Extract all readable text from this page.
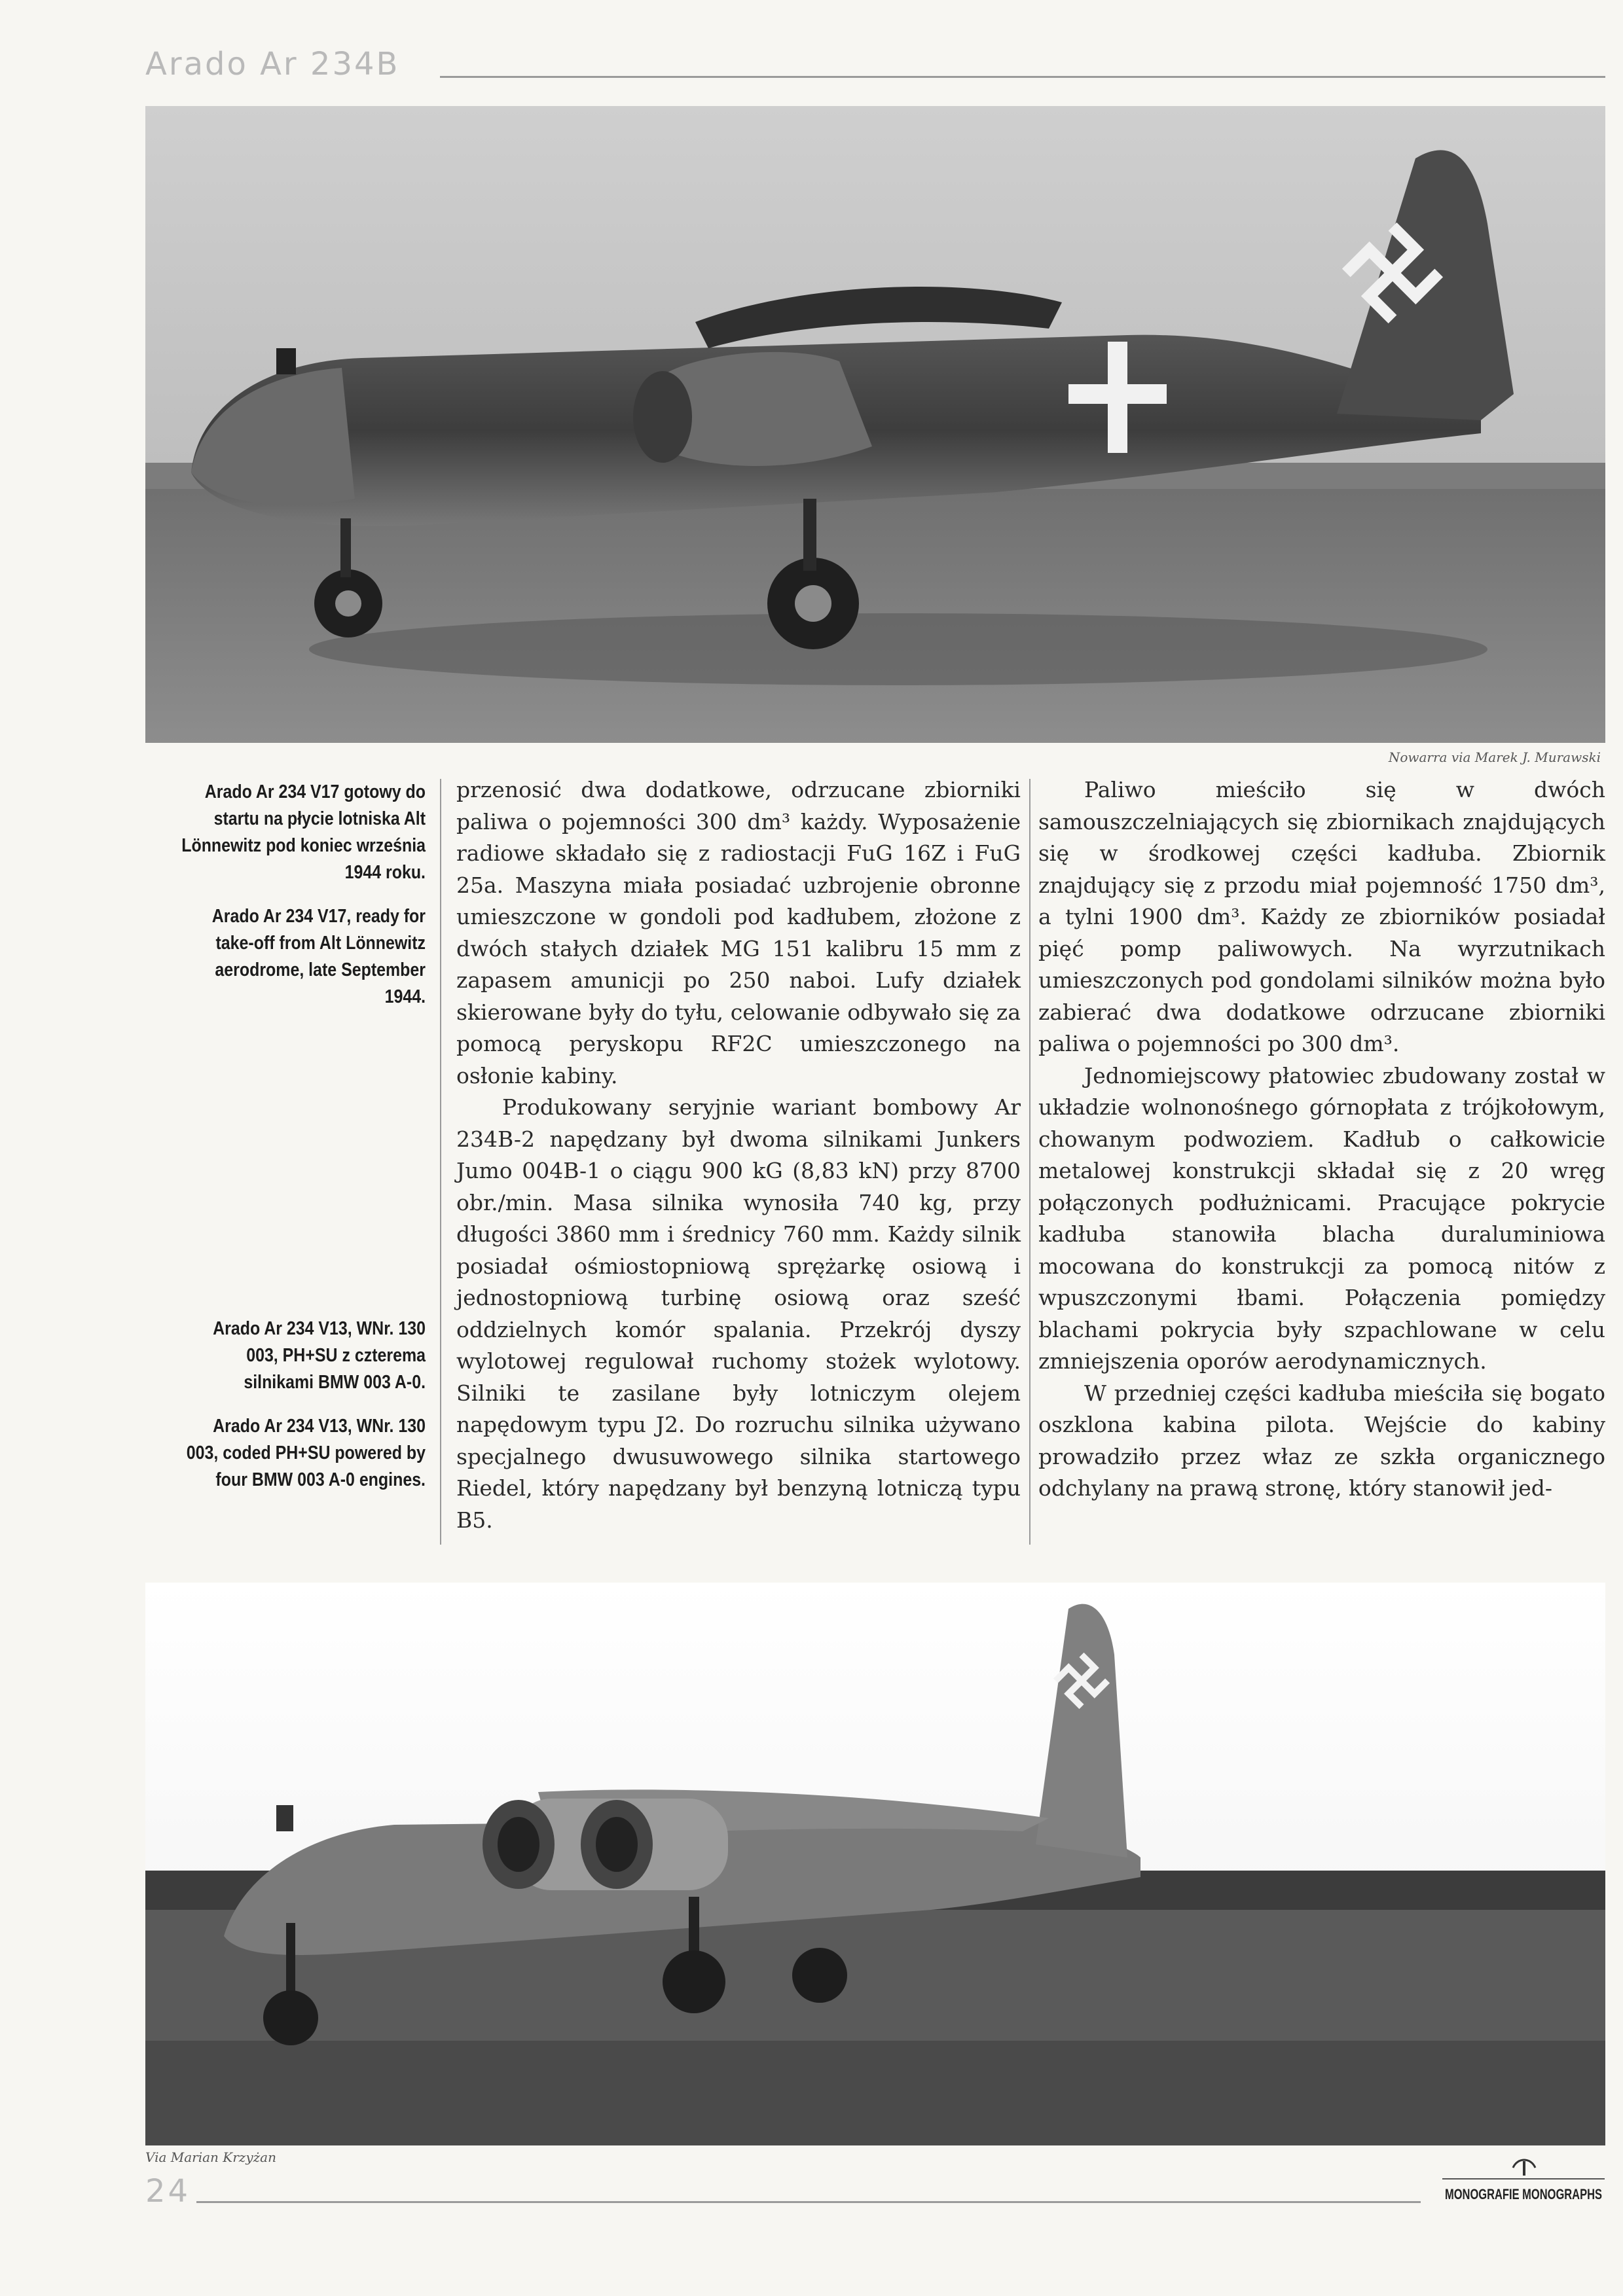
Arado Ar 234B
Nowarra via Marek J. Murawski

Arado Ar 234 V17 gotowy do startu na płycie lotniska Alt Lönnewitz pod koniec września 1944 roku.

Arado Ar 234 V17, ready for take-off from Alt Lönnewitz aerodrome, late September 1944.

Arado Ar 234 V13, WNr. 130 003, PH+SU z czterema silnikami BMW 003 A-0.

Arado Ar 234 V13, WNr. 130 003, coded PH+SU powered by four BMW 003 A-0 engines.

przenosić dwa dodatkowe, odrzucane zbiorniki paliwa o pojemności 300 dm³ każdy. Wyposażenie radiowe składało się z radiostacji FuG 16Z i FuG 25a. Maszyna miała posiadać uzbrojenie obronne umieszczone w gondoli pod kadłubem, złożone z dwóch stałych działek MG 151 kalibru 15 mm z zapasem amunicji po 250 naboi. Lufy działek skierowane były do tyłu, celowanie odbywało się za pomocą peryskopu RF2C umieszczonego na osłonie kabiny.

Produkowany seryjnie wariant bombowy Ar 234B-2 napędzany był dwoma silnikami Junkers Jumo 004B-1 o ciągu 900 kG (8,83 kN) przy 8700 obr./min. Masa silnika wynosiła 740 kg, przy długości 3860 mm i średnicy 760 mm. Każdy silnik posiadał ośmiostopniową sprężarkę osiową i jednostopniową turbinę osiową oraz sześć oddzielnych komór spalania. Przekrój dyszy wylotowej regulował ruchomy stożek wylotowy. Silniki te zasilane były lotniczym olejem napędowym typu J2. Do rozruchu silnika używano specjalnego dwusuwowego silnika startowego Riedel, który napędzany był benzyną lotniczą typu B5.

Paliwo mieściło się w dwóch samouszczelniających się zbiornikach znajdujących się w środkowej części kadłuba. Zbiornik znajdujący się z przodu miał pojemność 1750 dm³, a tylni 1900 dm³. Każdy ze zbiorników posiadał pięć pomp paliwowych. Na wyrzutnikach umieszczonych pod gondolami silników można było zabierać dwa dodatkowe odrzucane zbiorniki paliwa o pojemności po 300 dm³.

Jednomiejscowy płatowiec zbudowany został w układzie wolnonośnego górnopłata z trójkołowym, chowanym podwoziem. Kadłub o całkowicie metalowej konstrukcji składał się z 20 wręg połączonych podłużnicami. Pracujące pokrycie kadłuba stanowiła blacha duraluminiowa mocowana do konstrukcji za pomocą nitów z wpuszczonymi łbami. Połączenia pomiędzy blachami pokrycia były szpachlowane w celu zmniejszenia oporów aerodynamicznych.

W przedniej części kadłuba mieściła się bogato oszklona kabina pilota. Wejście do kabiny prowadziło przez właz ze szkła organicznego odchylany na prawą stronę, który stanowił jed-

Via Marian Krzyżan
24	MONOGRAFIE MONOGRAPHS
